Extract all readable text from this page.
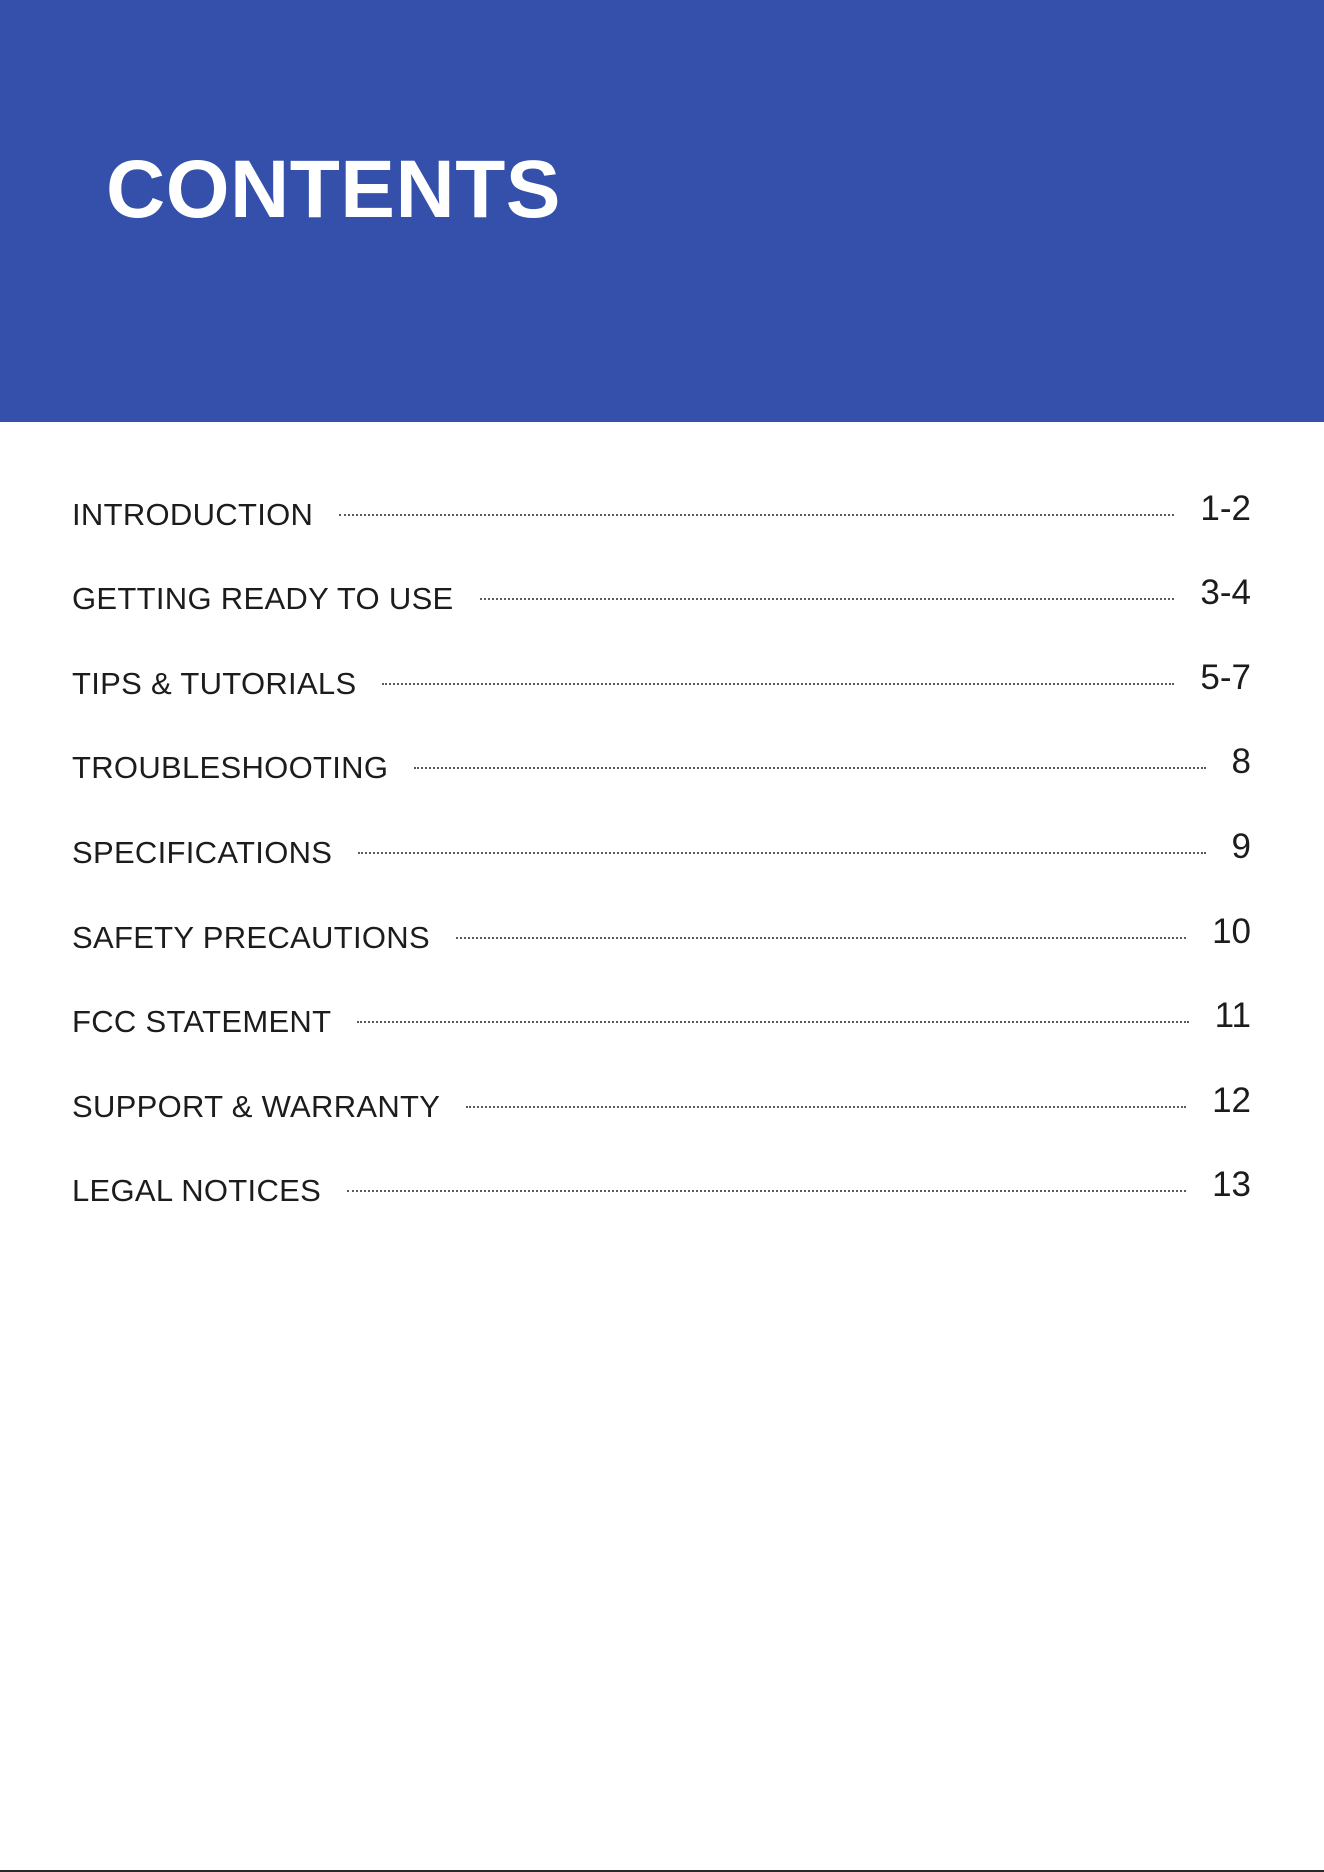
CONTENTS
INTRODUCTION	1-2
GETTING READY TO USE	3-4
TIPS & TUTORIALS	5-7
TROUBLESHOOTING	8
SPECIFICATIONS	9
SAFETY PRECAUTIONS	10
FCC STATEMENT	11
SUPPORT & WARRANTY	12
LEGAL NOTICES	13
